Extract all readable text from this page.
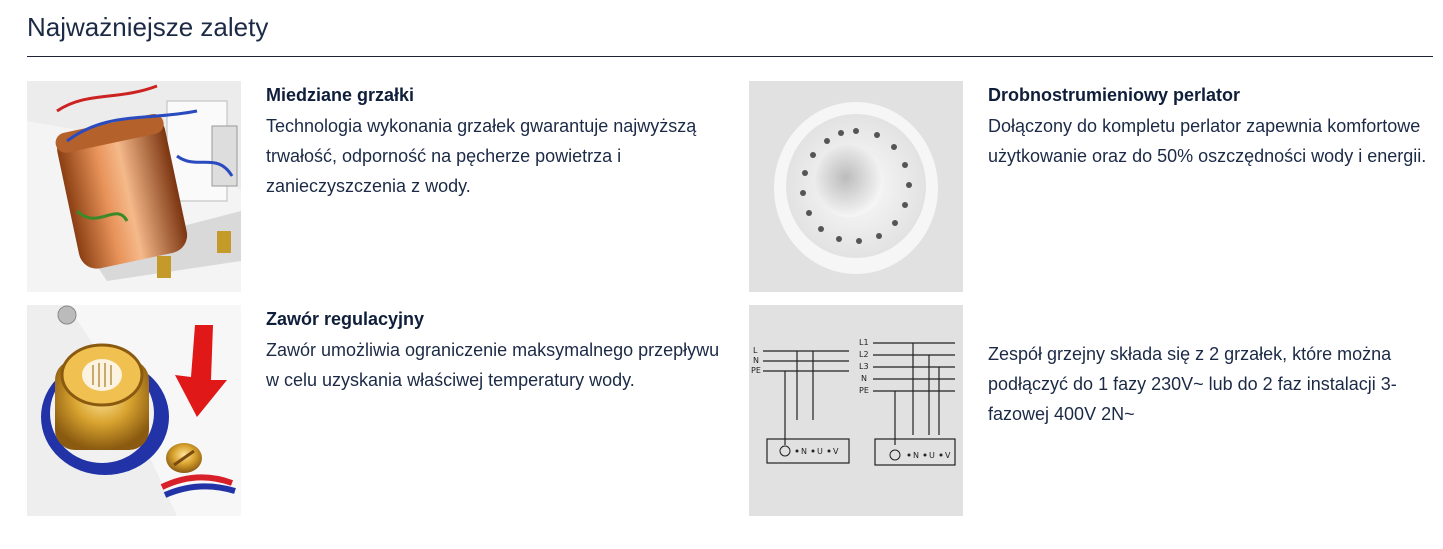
Najważniejsze zalety
Miedziane grzałki

Technologia wykonania grzałek gwarantuje najwyższą trwałość, odporność na pęcherze powietrza i zanieczyszczenia z wody.

Drobnostrumieniowy perlator

Dołączony do kompletu perlator zapewnia komfortowe użytkowanie oraz do 50% oszczędności wody i energii.

Zawór regulacyjny

Zawór umożliwia ograniczenie maksymalnego przepływu w celu uzyskania właściwej temperatury wody.

L
N
PE
L1
L2
L3
N
PE
N U V	N U V

Zespół grzejny składa się z 2 grzałek, które można podłączyć do 1 fazy 230V~ lub do 2 faz instalacji 3-fazowej 400V 2N~
